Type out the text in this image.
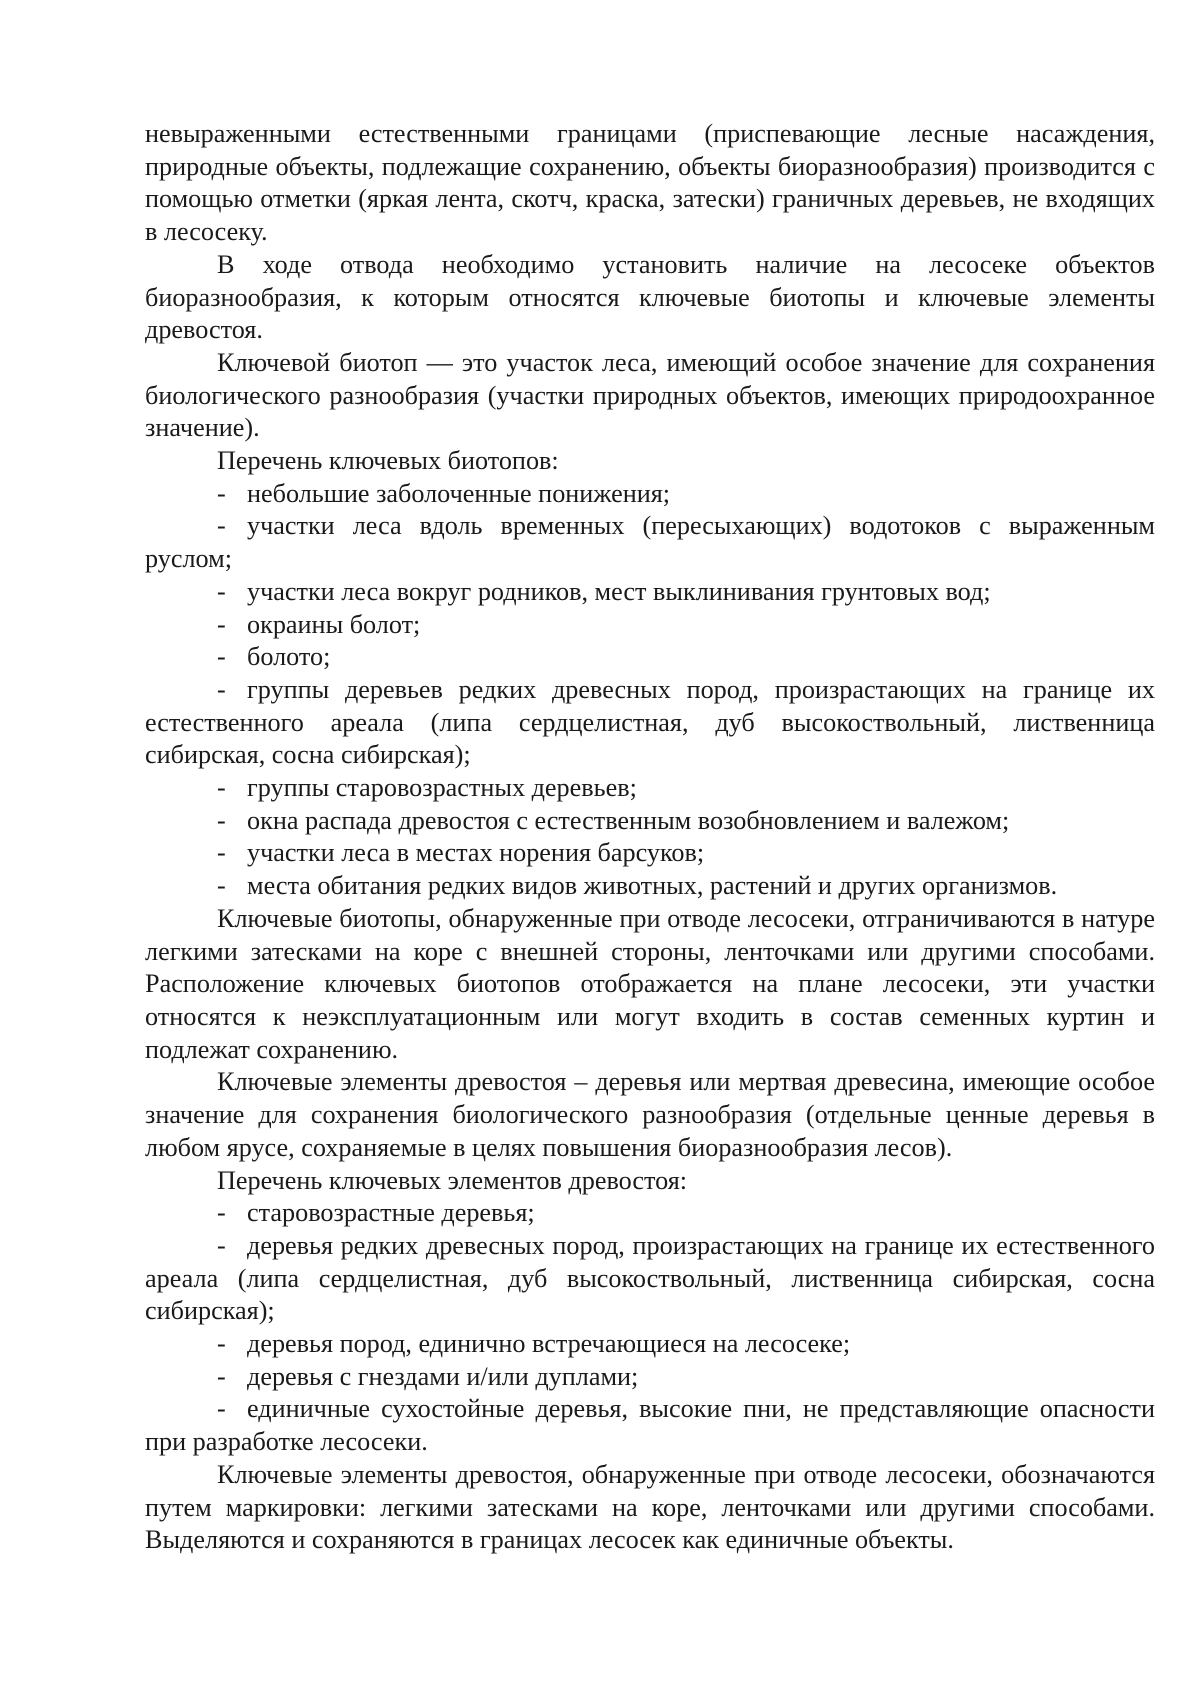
невыраженными естественными границами (приспевающие лесные насаждения, природные объекты, подлежащие сохранению, объекты биоразнообразия) производится с помощью отметки (яркая лента, скотч, краска, затески) граничных деревьев, не входящих в лесосеку.

В ходе отвода необходимо установить наличие на лесосеке объектов биоразнообразия, к которым относятся ключевые биотопы и ключевые элементы древостоя.

Ключевой биотоп — это участок леса, имеющий особое значение для сохранения биологического разнообразия (участки природных объектов, имеющих природоохранное значение).

Перечень ключевых биотопов:

- небольшие заболоченные понижения;

- участки леса вдоль временных (пересыхающих) водотоков с выраженным руслом;

- участки леса вокруг родников, мест выклинивания грунтовых вод;

- окраины болот;

- болото;

- группы деревьев редких древесных пород, произрастающих на границе их естественного ареала (липа сердцелистная, дуб высокоствольный, лиственница сибирская, сосна сибирская);

- группы старовозрастных деревьев;

- окна распада древостоя с естественным возобновлением и валежом;

- участки леса в местах норения барсуков;

- места обитания редких видов животных, растений и других организмов.

Ключевые биотопы, обнаруженные при отводе лесосеки, отграничиваются в натуре легкими затесками на коре с внешней стороны, ленточками или другими способами. Расположение ключевых биотопов отображается на плане лесосеки, эти участки относятся к неэксплуатационным или могут входить в состав семенных куртин и подлежат сохранению.

Ключевые элементы древостоя – деревья или мертвая древесина, имеющие особое значение для сохранения биологического разнообразия (отдельные ценные деревья в любом ярусе, сохраняемые в целях повышения биоразнообразия лесов).

Перечень ключевых элементов древостоя:

- старовозрастные деревья;

- деревья редких древесных пород, произрастающих на границе их естественного ареала (липа сердцелистная, дуб высокоствольный, лиственница сибирская, сосна сибирская);

- деревья пород, единично встречающиеся на лесосеке;

- деревья с гнездами и/или дуплами;

- единичные сухостойные деревья, высокие пни, не представляющие опасности при разработке лесосеки.

Ключевые элементы древостоя, обнаруженные при отводе лесосеки, обозначаются путем маркировки: легкими затесками на коре, ленточками или другими способами. Выделяются и сохраняются в границах лесосек как единичные объекты.
